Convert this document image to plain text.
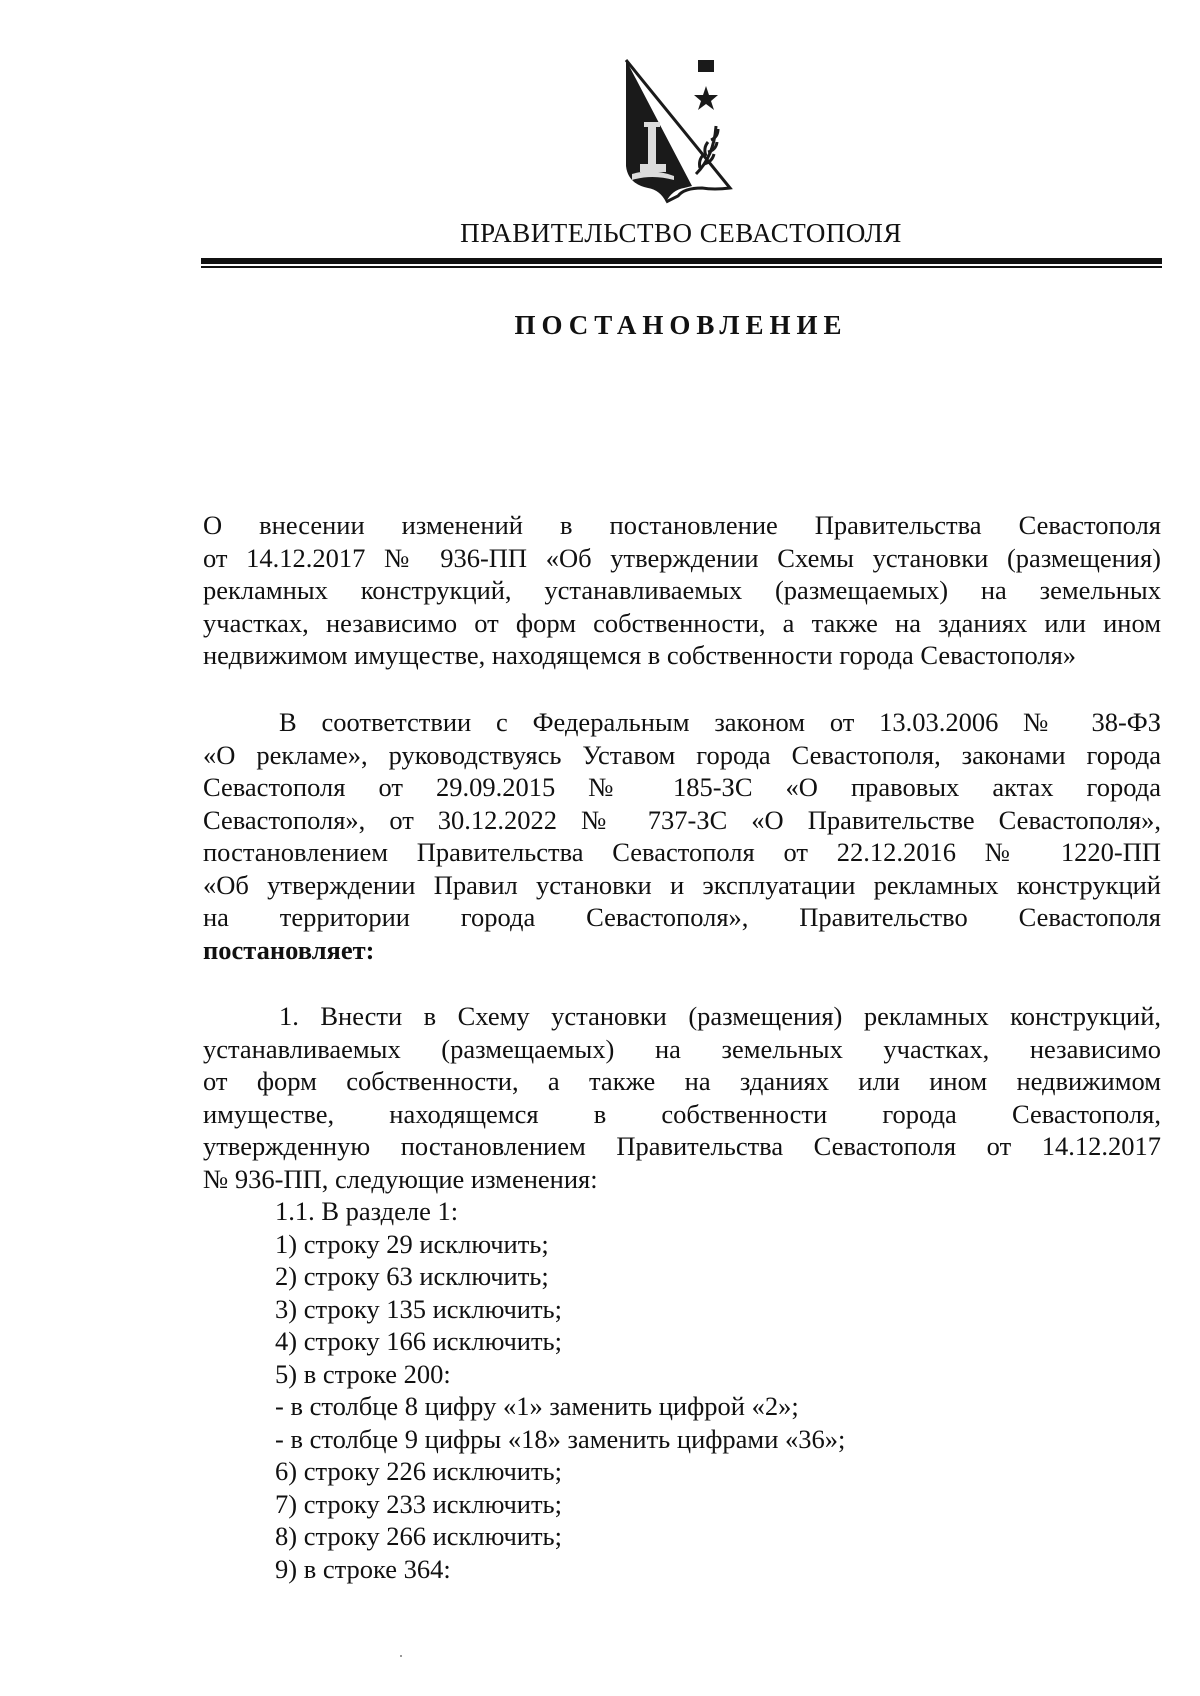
ПРАВИТЕЛЬСТВО СЕВАСТОПОЛЯ
ПОСТАНОВЛЕНИЕ
О внесении изменений в постановление Правительства Севастополя
от 14.12.2017 № 936-ПП «Об утверждении Схемы установки (размещения)
рекламных конструкций, устанавливаемых (размещаемых) на земельных
участках, независимо от форм собственности, а также на зданиях или ином
недвижимом имуществе, находящемся в собственности города Севастополя»
В соответствии с Федеральным законом от 13.03.2006 № 38-ФЗ
«О рекламе», руководствуясь Уставом города Севастополя, законами города
Севастополя от 29.09.2015 № 185-ЗС «О правовых актах города
Севастополя», от 30.12.2022 № 737-ЗС «О Правительстве Севастополя»,
постановлением Правительства Севастополя от 22.12.2016 № 1220-ПП
«Об утверждении Правил установки и эксплуатации рекламных конструкций
на территории города Севастополя», Правительство Севастополя
постановляет:
1. Внести в Схему установки (размещения) рекламных конструкций,
устанавливаемых (размещаемых) на земельных участках, независимо
от форм собственности, а также на зданиях или ином недвижимом
имуществе, находящемся в собственности города Севастополя,
утвержденную постановлением Правительства Севастополя от 14.12.2017
№ 936-ПП, следующие изменения:
1.1. В разделе 1:
1) строку 29 исключить;
2) строку 63 исключить;
3) строку 135 исключить;
4) строку 166 исключить;
5) в строке 200:
- в столбце 8 цифру «1» заменить цифрой «2»;
- в столбце 9 цифры «18» заменить цифрами «36»;
6) строку 226 исключить;
7) строку 233 исключить;
8) строку 266 исключить;
9) в строке 364:
